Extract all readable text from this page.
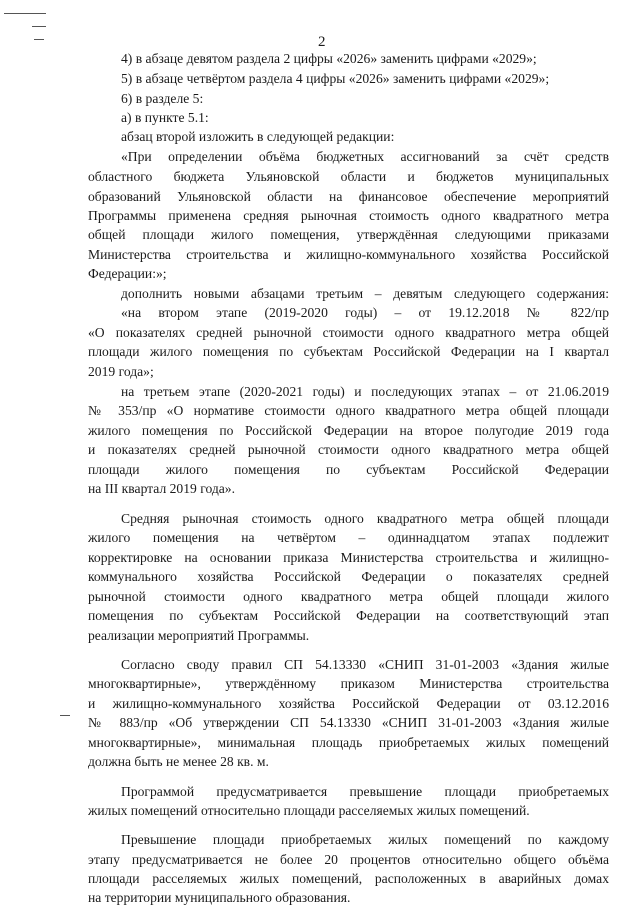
2
4) в абзаце девятом раздела 2 цифры «2026» заменить цифрами «2029»;
5) в абзаце четвёртом раздела 4 цифры «2026» заменить цифрами «2029»;
6) в разделе 5:
а) в пункте 5.1:
абзац второй изложить в следующей редакции:
«При определении объёма бюджетных ассигнований за счёт средств
областного бюджета Ульяновской области и бюджетов муниципальных
образований Ульяновской области на финансовое обеспечение мероприятий
Программы применена средняя рыночная стоимость одного квадратного метра
общей площади жилого помещения, утверждённая следующими приказами
Министерства строительства и жилищно-коммунального хозяйства Российской
Федерации:»;
дополнить новыми абзацами третьим – девятым следующего содержания:
«на втором этапе (2019-2020 годы) – от 19.12.2018 № 822/пр
«О показателях средней рыночной стоимости одного квадратного метра общей
площади жилого помещения по субъектам Российской Федерации на I квартал
2019 года»;
на третьем этапе (2020-2021 годы) и последующих этапах – от 21.06.2019
№ 353/пр «О нормативе стоимости одного квадратного метра общей площади
жилого помещения по Российской Федерации на второе полугодие 2019 года
и показателях средней рыночной стоимости одного квадратного метра общей
площади жилого помещения по субъектам Российской Федерации
на III квартал 2019 года».
Средняя рыночная стоимость одного квадратного метра общей площади
жилого помещения на четвёртом – одиннадцатом этапах подлежит
корректировке на основании приказа Министерства строительства и жилищно-
коммунального хозяйства Российской Федерации о показателях средней
рыночной стоимости одного квадратного метра общей площади жилого
помещения по субъектам Российской Федерации на соответствующий этап
реализации мероприятий Программы.
Согласно своду правил СП 54.13330 «СНИП 31-01-2003 «Здания жилые
многоквартирные», утверждённому приказом Министерства строительства
и жилищно-коммунального хозяйства Российской Федерации от 03.12.2016
№ 883/пр «Об утверждении СП 54.13330 «СНИП 31-01-2003 «Здания жилые
многоквартирные», минимальная площадь приобретаемых жилых помещений
должна быть не менее 28 кв. м.
Программой предусматривается превышение площади приобретаемых
жилых помещений относительно площади расселяемых жилых помещений.
Превышение площади приобретаемых жилых помещений по каждому
этапу предусматривается не более 20 процентов относительно общего объёма
площади расселяемых жилых помещений, расположенных в аварийных домах
на территории муниципального образования.
